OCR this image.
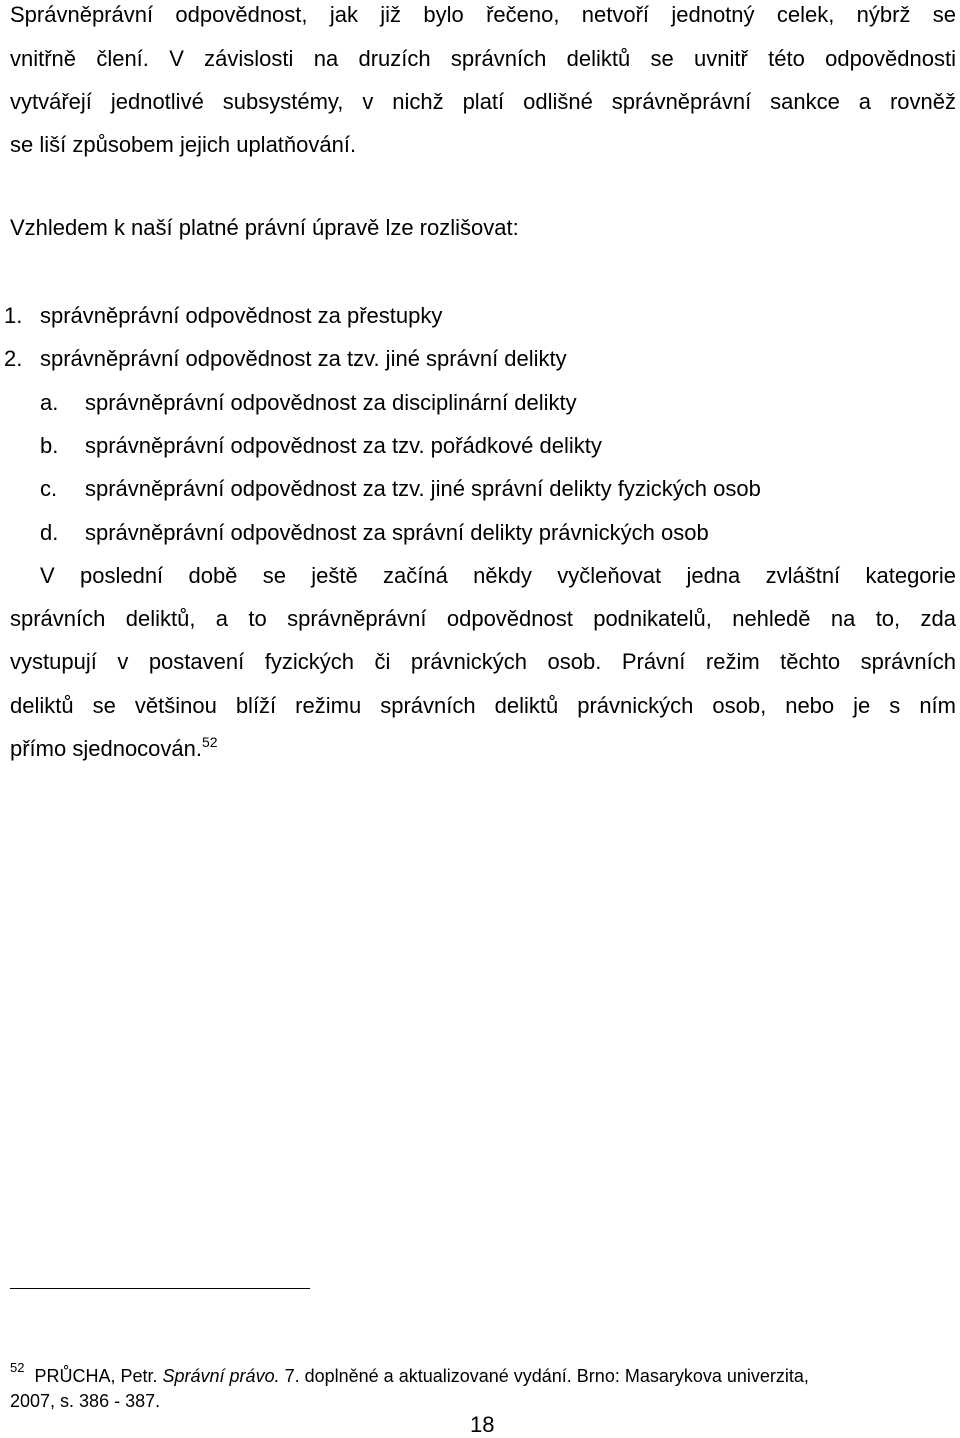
Správněprávní odpovědnost, jak již bylo řečeno, netvoří jednotný celek, nýbrž se
vnitřně člení. V závislosti na druzích správních deliktů se uvnitř této odpovědnosti
vytvářejí jednotlivé subsystémy, v nichž platí odlišné správněprávní sankce a rovněž
se liší způsobem jejich uplatňování.
Vzhledem k naší platné právní úpravě lze rozlišovat:
1. správněprávní odpovědnost za přestupky
2. správněprávní odpovědnost za tzv. jiné správní delikty
a. správněprávní odpovědnost za disciplinární delikty
b. správněprávní odpovědnost za tzv. pořádkové delikty
c. správněprávní odpovědnost za tzv. jiné správní delikty fyzických osob
d. správněprávní odpovědnost za správní delikty právnických osob
V poslední době se ještě začíná někdy vyčleňovat jedna zvláštní kategorie
správních deliktů, a to správněprávní odpovědnost podnikatelů, nehledě na to, zda
vystupují v postavení fyzických či právnických osob. Právní režim těchto správních
deliktů se většinou blíží režimu správních deliktů právnických osob, nebo je s ním
přímo sjednocován.$^{52}$
$^{52}$ PRŮCHA, Petr. Správní právo. 7. doplněné a aktualizované vydání. Brno: Masarykova univerzita,
2007, s. 386 - 387.
18
